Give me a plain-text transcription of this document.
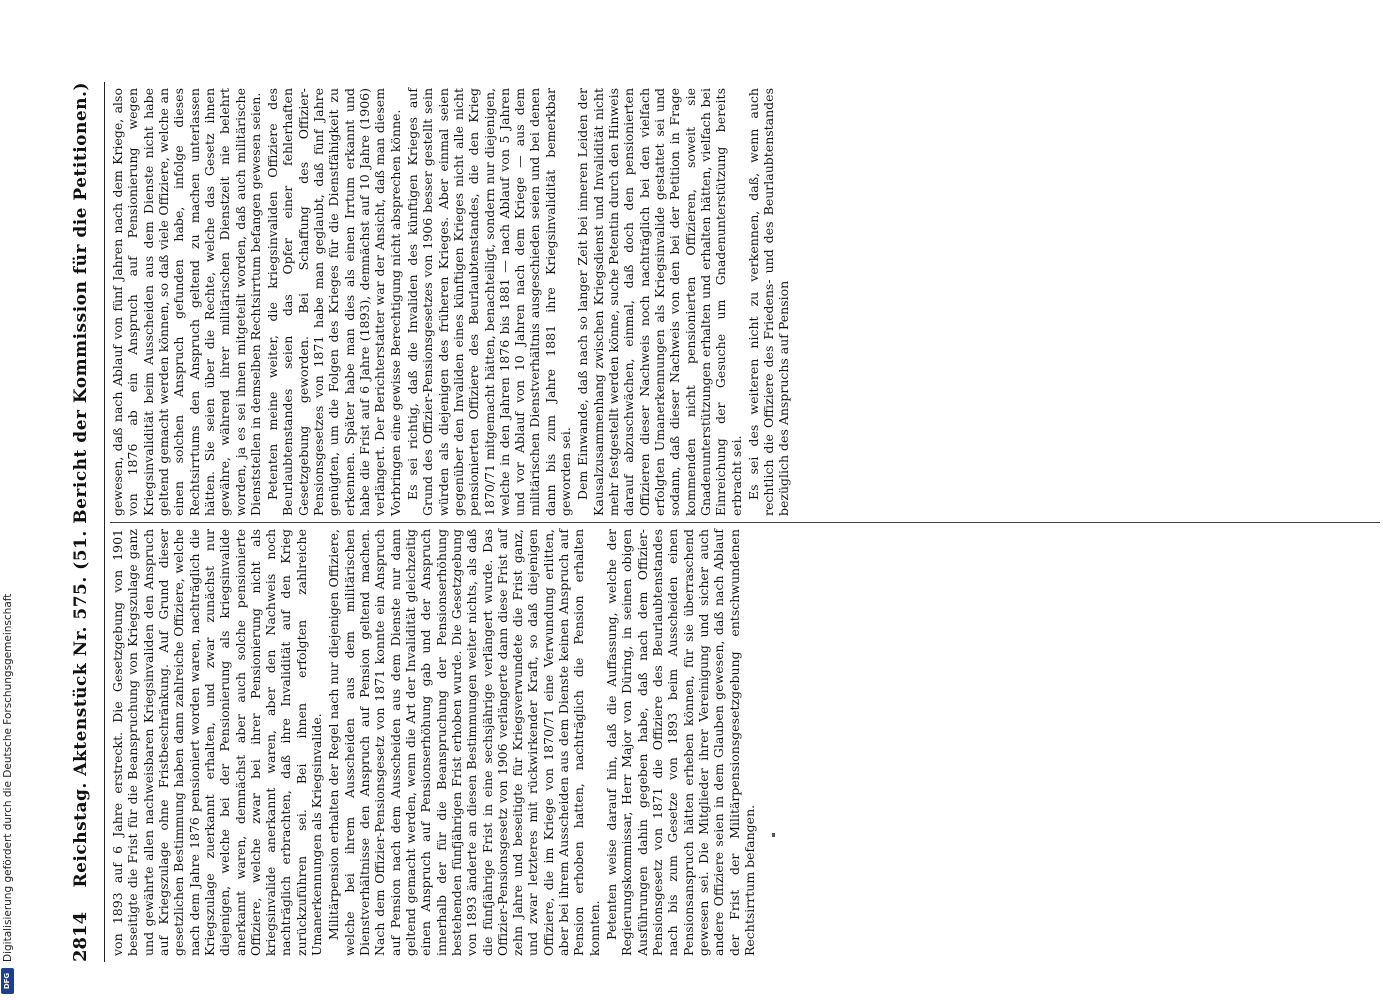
Digitalisierung gefördert durch die Deutsche Forschungsgemeinschaft
DFG
2814
Reichstag. Aktenstück Nr. 575. (51. Bericht der Kommission für die Petitionen.) von 1893 auf 6 Jahre erstreckt. Die Gesetzgebung von 1901 beseitigte die Frist für die Beanspruchung von Kriegszulage ganz und gewährte allen nachweisbaren Kriegsinvaliden den Anspruch auf Kriegszulage ohne Fristbeschränkung. Auf Grund dieser gesetzlichen Bestimmung haben dann zahlreiche Offiziere, welche nach dem Jahre 1876 pensioniert worden waren, nachträglich die Kriegszulage zuerkannt erhalten, und zwar zunächst nur diejenigen, welche bei der Pensionierung als kriegsinvalide anerkannt waren, demnächst aber auch solche pensionierte Offiziere, welche zwar bei ihrer Pensionierung nicht als kriegsinvalide anerkannt waren, aber den Nachweis noch nachträglich erbrachten, daß ihre Invalidität auf den Krieg zurückzuführen sei. Bei ihnen erfolgten zahlreiche Umanerkennungen als Kriegsinvalide. Militärpension erhalten der Regel nach nur diejenigen Offiziere, welche bei ihrem Ausscheiden aus dem militärischen Dienstverhältnisse den Anspruch auf Pension geltend machen. Nach dem Offizier-Pensionsgesetz von 1871 konnte ein Anspruch auf Pension nach dem Ausscheiden aus dem Dienste nur dann geltend gemacht werden, wenn die Art der Invalidität gleichzeitig einen Anspruch auf Pensionserhöhung gab und der Anspruch innerhalb der für die Beanspruchung der Pensionserhöhung bestehenden fünfjährigen Frist erhoben wurde. Die Gesetzgebung von 1893 änderte an diesen Bestimmungen weiter nichts, als daß die fünfjährige Frist in eine sechsjährige verlängert wurde. Das Offizier-Pensionsgesetz von 1906 verlängerte dann diese Frist auf zehn Jahre und beseitigte für Kriegsverwundete die Frist ganz, und zwar letzteres mit rückwirkender Kraft, so daß diejenigen Offiziere, die im Kriege von 1870/71 eine Verwundung erlitten, aber bei ihrem Ausscheiden aus dem Dienste keinen Anspruch auf Pension erhoben hatten, nachträglich die Pension erhalten konnten. Petenten weise darauf hin, daß die Auffassung, welche der Regierungskommissar, Herr Major von Düring, in seinen obigen Ausführungen dahin gegeben habe, daß nach dem Offizier-Pensionsgesetz von 1871 die Offiziere des Beurlaubtenstandes nach bis zum Gesetze von 1893 beim Ausscheiden einen Pensionsanspruch hätten erheben können, für sie überraschend gewesen sei. Die Mitglieder ihrer Vereinigung und sicher auch andere Offiziere seien in dem Glauben gewesen, daß nach Ablauf der Frist der Militärpensionsgesetzgebung entschwundenen Rechtsirrtum befangen.

gewesen, daß nach Ablauf von fünf Jahren nach dem Kriege, also von 1876 ab ein Anspruch auf Pensionierung wegen Kriegsinvalidität beim Ausscheiden aus dem Dienste nicht habe geltend gemacht werden können, so daß viele Offiziere, welche an einen solchen Anspruch gefunden habe, infolge dieses Rechtsirrtums den Anspruch geltend zu machen unterlassen hätten. Sie seien über die Rechte, welche das Gesetz ihnen gewähre, während ihrer militärischen Dienstzeit nie belehrt worden, ja es sei ihnen mitgeteilt worden, daß auch militärische Dienststellen in demselben Rechtsirrtum befangen gewesen seien. Petenten meine weiter, die kriegsinvaliden Offiziere des Beurlaubtenstandes seien das Opfer einer fehlerhaften Gesetzgebung geworden. Bei Schaffung des Offizier-Pensionsgesetzes von 1871 habe man geglaubt, daß fünf Jahre genügten, um die Folgen des Krieges für die Dienstfähigkeit zu erkennen. Später habe man dies als einen Irrtum erkannt und habe die Frist auf 6 Jahre (1893), demnächst auf 10 Jahre (1906) verlängert. Der Berichterstatter war der Ansicht, daß man diesem Vorbringen eine gewisse Berechtigung nicht absprechen könne. Es sei richtig, daß die Invaliden des künftigen Krieges auf Grund des Offizier-Pensionsgesetzes von 1906 besser gestellt sein würden als diejenigen des früheren Krieges. Aber einmal seien gegenüber den Invaliden eines künftigen Krieges nicht alle nicht pensionierten Offiziere des Beurlaubtenstandes, die den Krieg 1870/71 mitgemacht hätten, benachteiligt, sondern nur diejenigen, welche in den Jahren 1876 bis 1881 — nach Ablauf von 5 Jahren und vor Ablauf von 10 Jahren nach dem Kriege — aus dem militärischen Dienstverhältnis ausgeschieden seien und bei denen dann bis zum Jahre 1881 ihre Kriegsinvalidität bemerkbar geworden sei. Dem Einwande, daß nach so langer Zeit bei inneren Leiden der Kausalzusammenhang zwischen Kriegsdienst und Invalidität nicht mehr festgestellt werden könne, suche Petentin durch den Hinweis darauf abzuschwächen, einmal, daß doch den pensionierten Offizieren dieser Nachweis noch nachträglich bei den vielfach erfolgten Umanerkennungen als Kriegsinvalide gestattet sei und sodann, daß dieser Nachweis von den bei der Petition in Frage kommenden nicht pensionierten Offizieren, soweit sie Gnadenunterstützungen erhalten und erhalten hätten, vielfach bei Einreichung der Gesuche um Gnadenunterstützung bereits erbracht sei. Es sei des weiteren nicht zu verkennen, daß, wenn auch rechtlich die Offiziere des Friedens- und des Beurlaubtenstandes bezüglich des Anspruchs auf Pension
